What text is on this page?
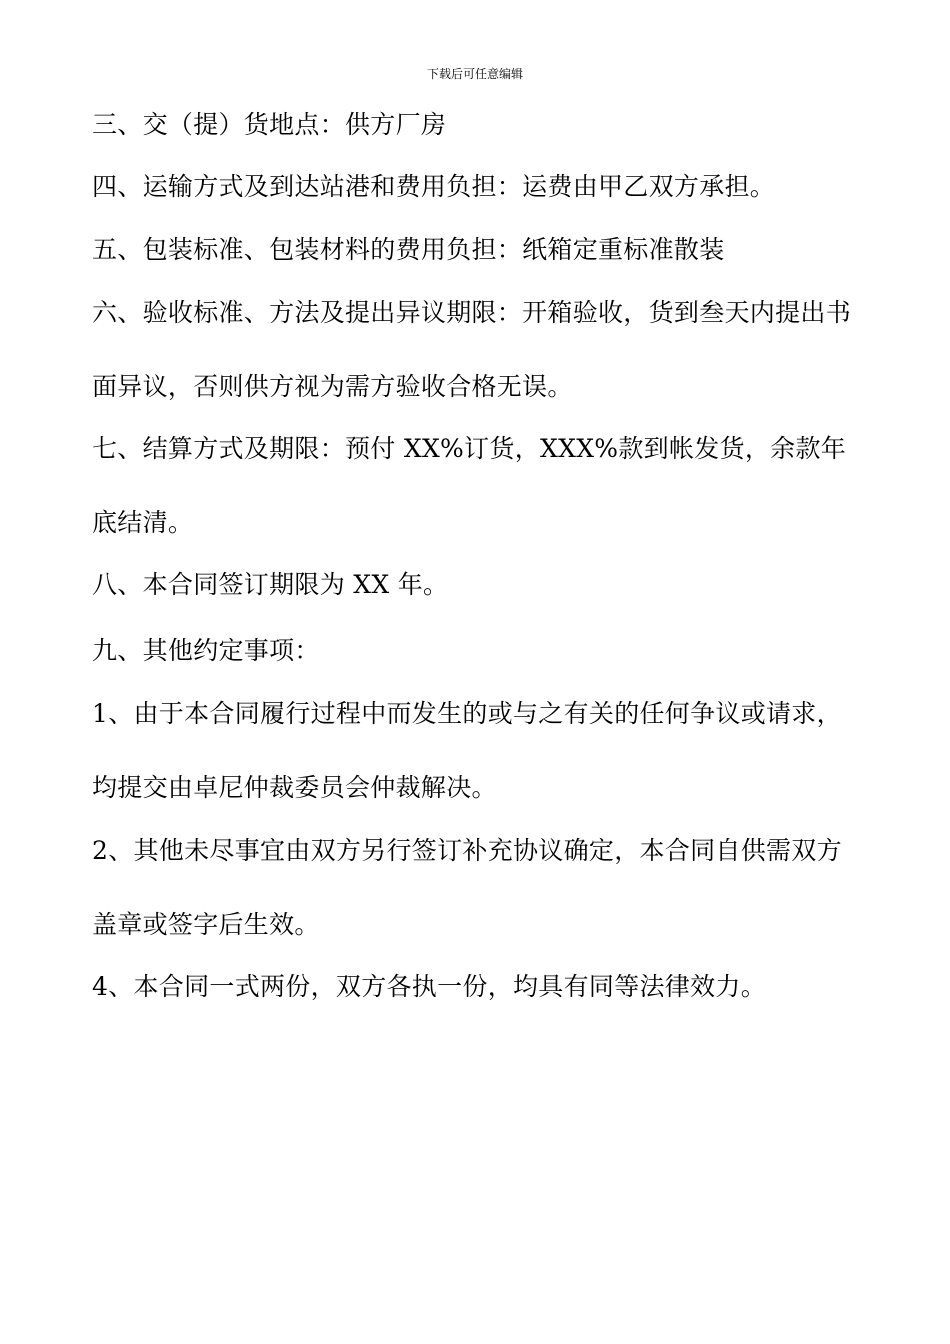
下载后可任意编辑
三、交（提）货地点：供方厂房
四、运输方式及到达站港和费用负担：运费由甲乙双方承担。
五、包装标准、包装材料的费用负担：纸箱定重标准散装
六、验收标准、方法及提出异议期限：开箱验收，货到叁天内提出书
面异议，否则供方视为需方验收合格无误。
七、结算方式及期限：预付 XX%订货，XXX%款到帐发货，余款年
底结清。
八、本合同签订期限为 XX 年。
九、其他约定事项：
1、由于本合同履行过程中而发生的或与之有关的任何争议或请求，
均提交由卓尼仲裁委员会仲裁解决。
2、其他未尽事宜由双方另行签订补充协议确定，本合同自供需双方
盖章或签字后生效。
4、本合同一式两份，双方各执一份，均具有同等法律效力。
